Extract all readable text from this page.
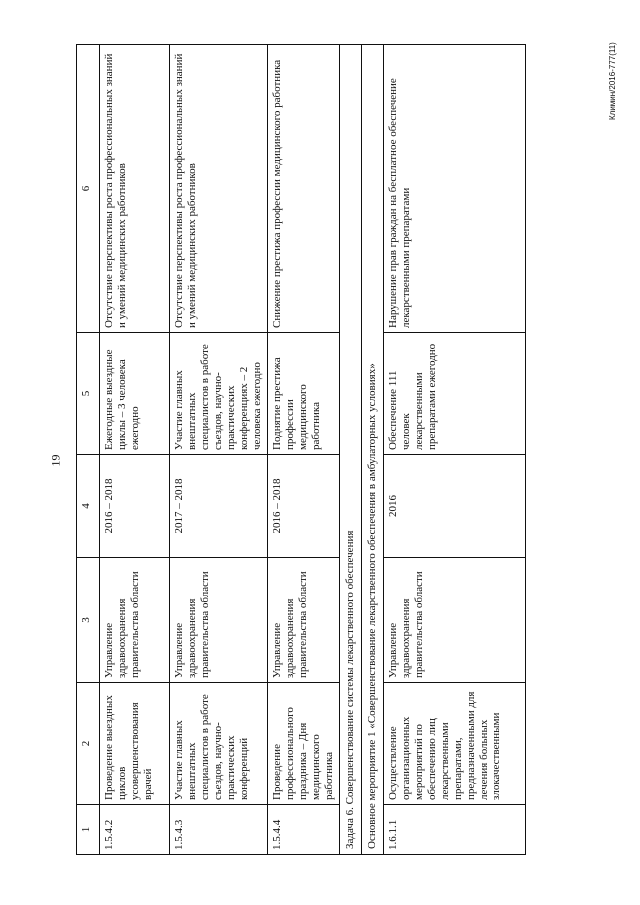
19
Климин/2016-777(11)
1	2	3	4	5	6
1.5.4.2	Проведение выездных циклов усовершенствования врачей	Управление здравоохранения правительства области	2016 – 2018	Ежегодные выездные циклы – 3 человека ежегодно	Отсутствие перспективы роста профессиональных знаний и умений медицинских работников
1.5.4.3	Участие главных внештатных специалистов в работе съездов, научно-практических конференций	Управление здравоохранения правительства области	2017 – 2018	Участие главных внештатных специалистов в работе съездов, научно-практических конференциях – 2 человека ежегодно	Отсутствие перспективы роста профессиональных знаний и умений медицинских работников
1.5.4.4	Проведение профессионального праздника – Дня медицинского работника	Управление здравоохранения правительства области	2016 – 2018	Поднятие престижа профессии медицинского работника	Снижение престижа профессии медицинского работника
Задача 6. Совершенствование системы лекарственного обеспечения					
Основное мероприятие 1 «Совершенствование лекарственного обеспечения в амбулаторных условиях»					
1.6.1.1	Осуществление организационных мероприятий по обеспечению лиц лекарственными препаратами, предназначенными для лечения больных злокачественными	Управление здравоохранения правительства области	2016	Обеспечение 111 человек лекарственными препаратами ежегодно	Нарушение прав граждан на бесплатное обеспечение лекарственными препаратами
